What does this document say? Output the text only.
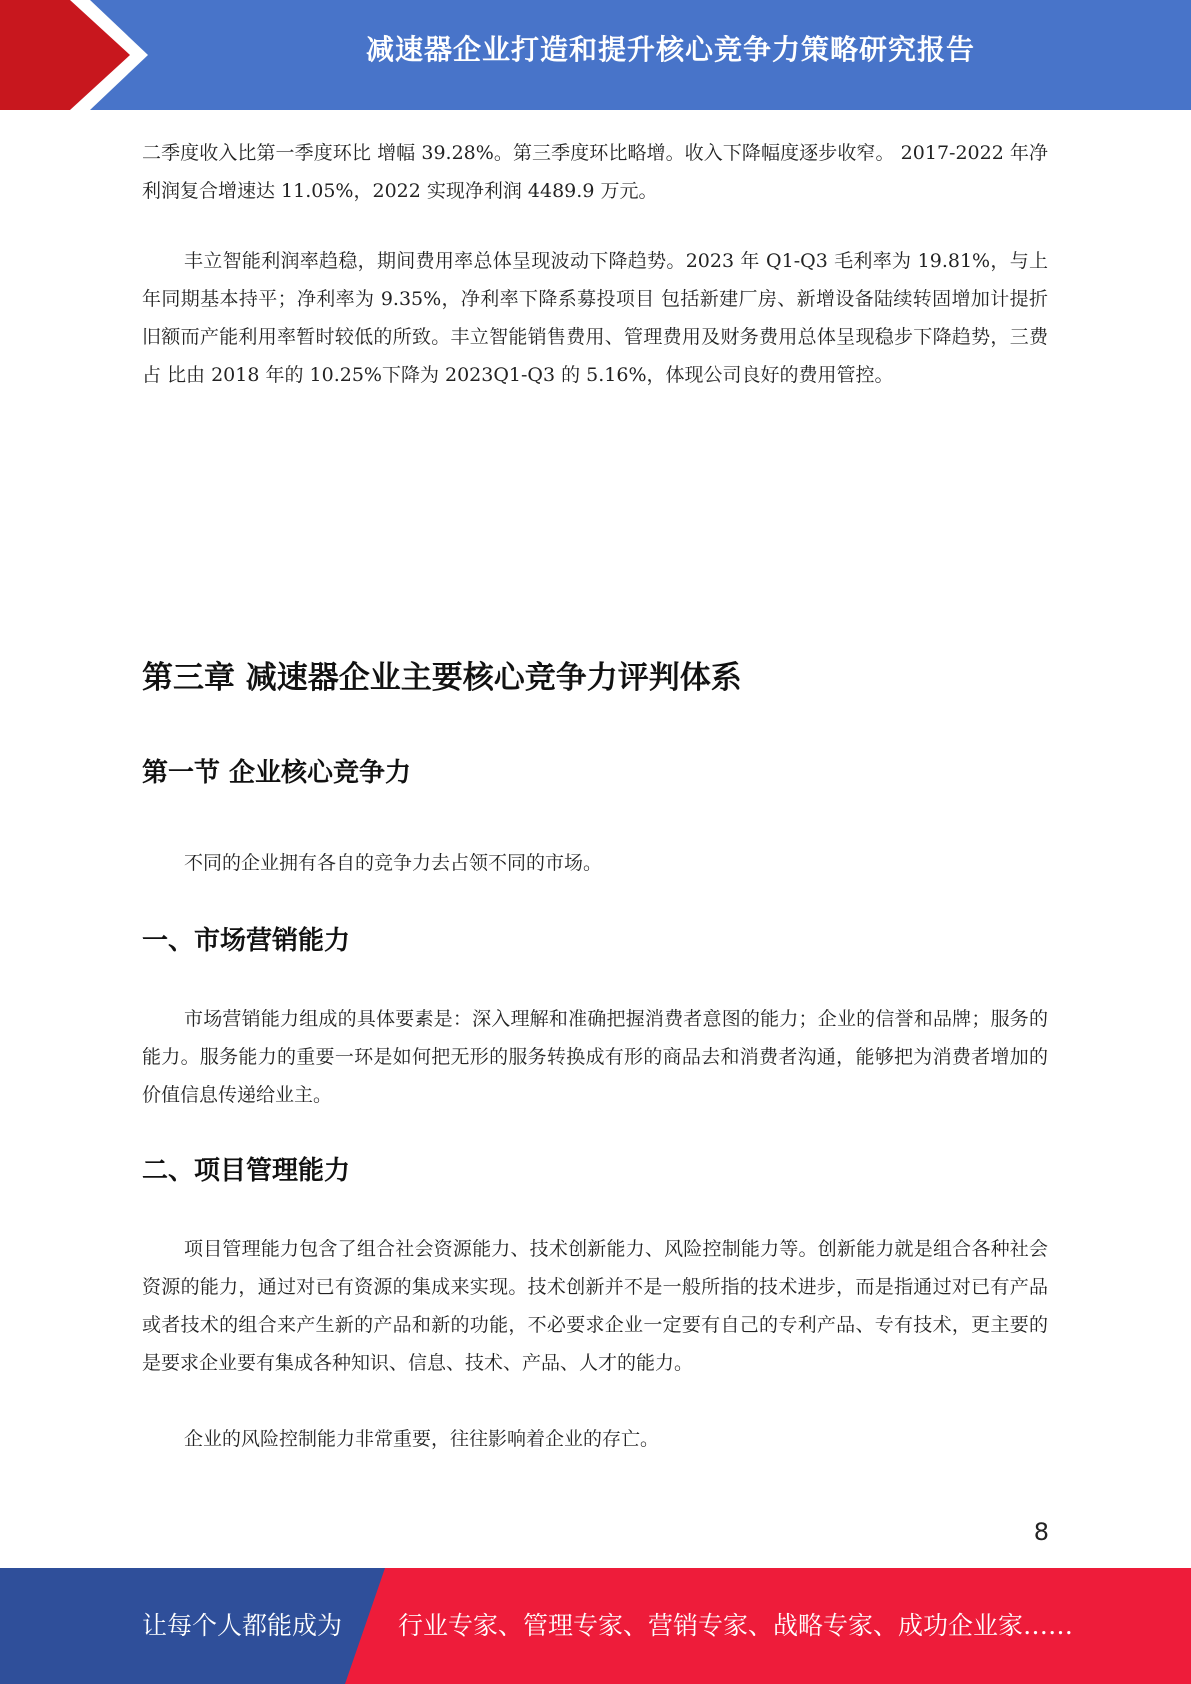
减速器企业打造和提升核心竞争力策略研究报告

二季度收入比第一季度环比 增幅 39.28%。第三季度环比略增。收入下降幅度逐步收窄。 2017-2022 年净利润复合增速达 11.05%，2022 实现净利润 4489.9 万元。

丰立智能利润率趋稳，期间费用率总体呈现波动下降趋势。2023 年 Q1-Q3 毛利率为 19.81%，与上年同期基本持平；净利率为 9.35%，净利率下降系募投项目 包括新建厂房、新增设备陆续转固增加计提折旧额而产能利用率暂时较低的所致。丰立智能销售费用、管理费用及财务费用总体呈现稳步下降趋势，三费占 比由 2018 年的 10.25%下降为 2023Q1-Q3 的 5.16%，体现公司良好的费用管控。

第三章 减速器企业主要核心竞争力评判体系
第一节 企业核心竞争力

不同的企业拥有各自的竞争力去占领不同的市场。

一、市场营销能力

市场营销能力组成的具体要素是：深入理解和准确把握消费者意图的能力；企业的信誉和品牌；服务的能力。服务能力的重要一环是如何把无形的服务转换成有形的商品去和消费者沟通，能够把为消费者增加的价值信息传递给业主。

二、项目管理能力

项目管理能力包含了组合社会资源能力、技术创新能力、风险控制能力等。创新能力就是组合各种社会资源的能力，通过对已有资源的集成来实现。技术创新并不是一般所指的技术进步，而是指通过对已有产品或者技术的组合来产生新的产品和新的功能，不必要求企业一定要有自己的专利产品、专有技术，更主要的是要求企业要有集成各种知识、信息、技术、产品、人才的能力。

企业的风险控制能力非常重要，往往影响着企业的存亡。

8
让每个人都能成为 行业专家、管理专家、营销专家、战略专家、成功企业家……
